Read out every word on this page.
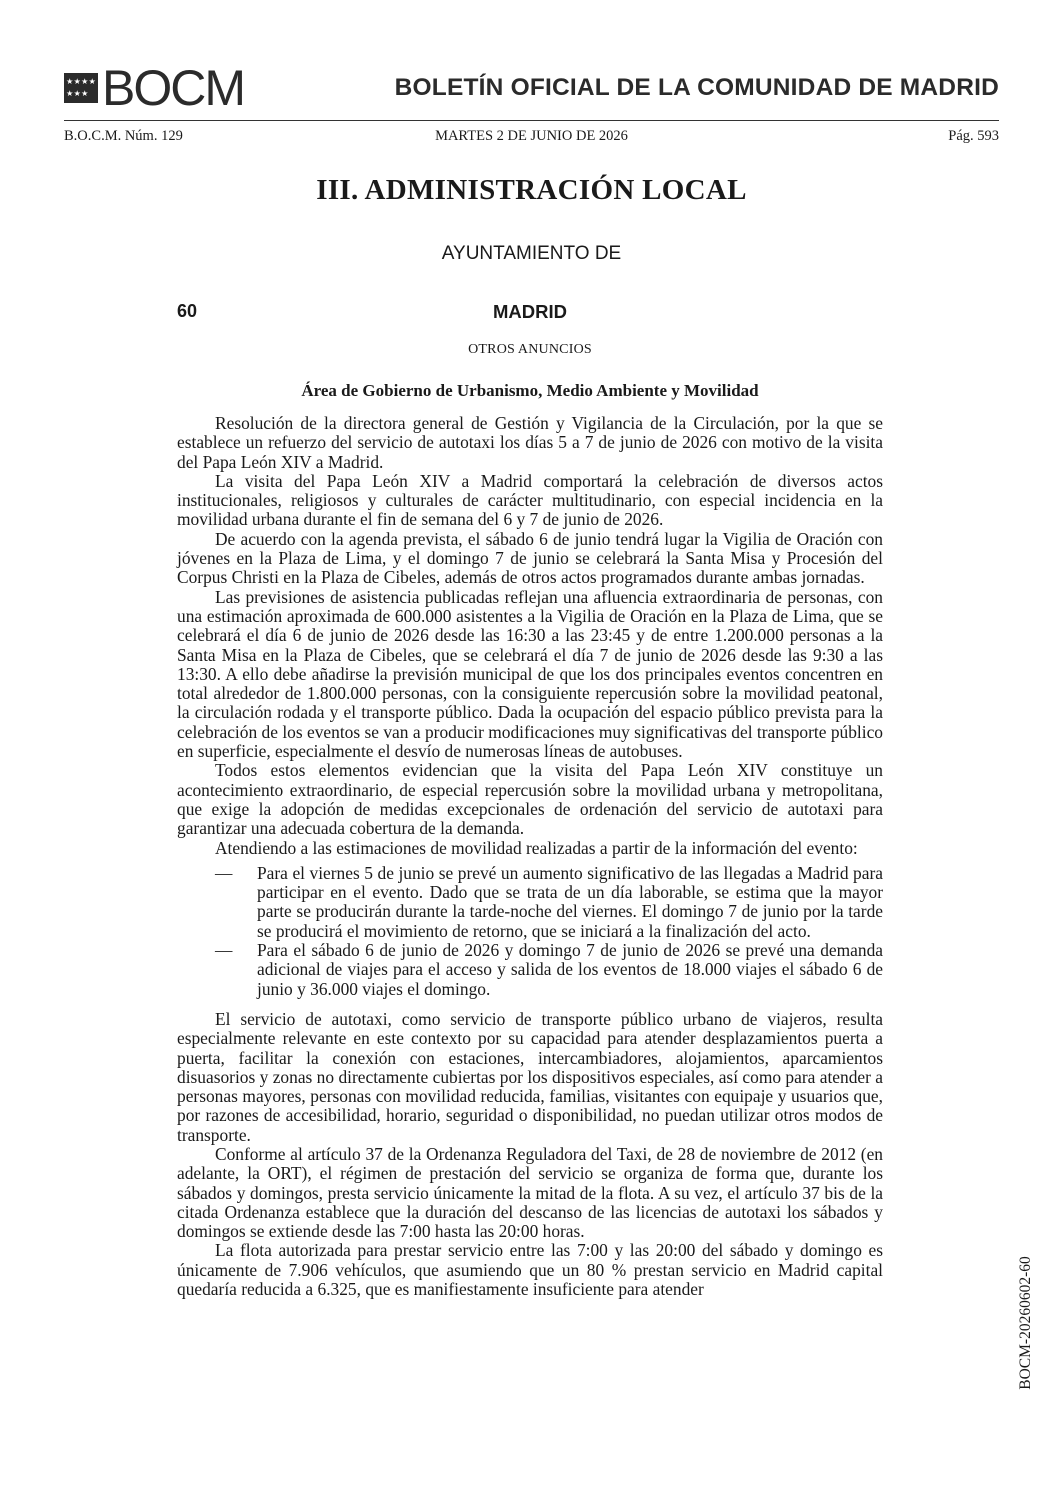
★ ★ ★ ★
★ ★ ★ BOCM	BOLETÍN OFICIAL DE LA COMUNIDAD DE MADRID
B.O.C.M. Núm. 129	MARTES 2 DE JUNIO DE 2026	Pág. 593
III. ADMINISTRACIÓN LOCAL
AYUNTAMIENTO DE
60	MADRID
OTROS ANUNCIOS
Área de Gobierno de Urbanismo, Medio Ambiente y Movilidad

Resolución de la directora general de Gestión y Vigilancia de la Circulación, por la que se establece un refuerzo del servicio de autotaxi los días 5 a 7 de junio de 2026 con motivo de la visita del Papa León XIV a Madrid.

La visita del Papa León XIV a Madrid comportará la celebración de diversos actos institucionales, religiosos y culturales de carácter multitudinario, con especial incidencia en la movilidad urbana durante el fin de semana del 6 y 7 de junio de 2026.

De acuerdo con la agenda prevista, el sábado 6 de junio tendrá lugar la Vigilia de Oración con jóvenes en la Plaza de Lima, y el domingo 7 de junio se celebrará la Santa Misa y Procesión del Corpus Christi en la Plaza de Cibeles, además de otros actos programados durante ambas jornadas.

Las previsiones de asistencia publicadas reflejan una afluencia extraordinaria de personas, con una estimación aproximada de 600.000 asistentes a la Vigilia de Oración en la Plaza de Lima, que se celebrará el día 6 de junio de 2026 desde las 16:30 a las 23:45 y de entre 1.200.000 personas a la Santa Misa en la Plaza de Cibeles, que se celebrará el día 7 de junio de 2026 desde las 9:30 a las 13:30. A ello debe añadirse la previsión municipal de que los dos principales eventos concentren en total alrededor de 1.800.000 personas, con la consiguiente repercusión sobre la movilidad peatonal, la circulación rodada y el transporte público. Dada la ocupación del espacio público prevista para la celebración de los eventos se van a producir modificaciones muy significativas del transporte público en superficie, especialmente el desvío de numerosas líneas de autobuses.

Todos estos elementos evidencian que la visita del Papa León XIV constituye un acontecimiento extraordinario, de especial repercusión sobre la movilidad urbana y metropolitana, que exige la adopción de medidas excepcionales de ordenación del servicio de autotaxi para garantizar una adecuada cobertura de la demanda.

Atendiendo a las estimaciones de movilidad realizadas a partir de la información del evento:

— Para el viernes 5 de junio se prevé un aumento significativo de las llegadas a Madrid para participar en el evento. Dado que se trata de un día laborable, se estima que la mayor parte se producirán durante la tarde-noche del viernes. El domingo 7 de junio por la tarde se producirá el movimiento de retorno, que se iniciará a la finalización del acto.
— Para el sábado 6 de junio de 2026 y domingo 7 de junio de 2026 se prevé una demanda adicional de viajes para el acceso y salida de los eventos de 18.000 viajes el sábado 6 de junio y 36.000 viajes el domingo.

El servicio de autotaxi, como servicio de transporte público urbano de viajeros, resulta especialmente relevante en este contexto por su capacidad para atender desplazamientos puerta a puerta, facilitar la conexión con estaciones, intercambiadores, alojamientos, aparcamientos disuasorios y zonas no directamente cubiertas por los dispositivos especiales, así como para atender a personas mayores, personas con movilidad reducida, familias, visitantes con equipaje y usuarios que, por razones de accesibilidad, horario, seguridad o disponibilidad, no puedan utilizar otros modos de transporte.

Conforme al artículo 37 de la Ordenanza Reguladora del Taxi, de 28 de noviembre de 2012 (en adelante, la ORT), el régimen de prestación del servicio se organiza de forma que, durante los sábados y domingos, presta servicio únicamente la mitad de la flota. A su vez, el artículo 37 bis de la citada Ordenanza establece que la duración del descanso de las licencias de autotaxi los sábados y domingos se extiende desde las 7:00 hasta las 20:00 horas.

La flota autorizada para prestar servicio entre las 7:00 y las 20:00 del sábado y domingo es únicamente de 7.906 vehículos, que asumiendo que un 80 % prestan servicio en Madrid capital quedaría reducida a 6.325, que es manifiestamente insuficiente para atender	BOCM-20260602-60
